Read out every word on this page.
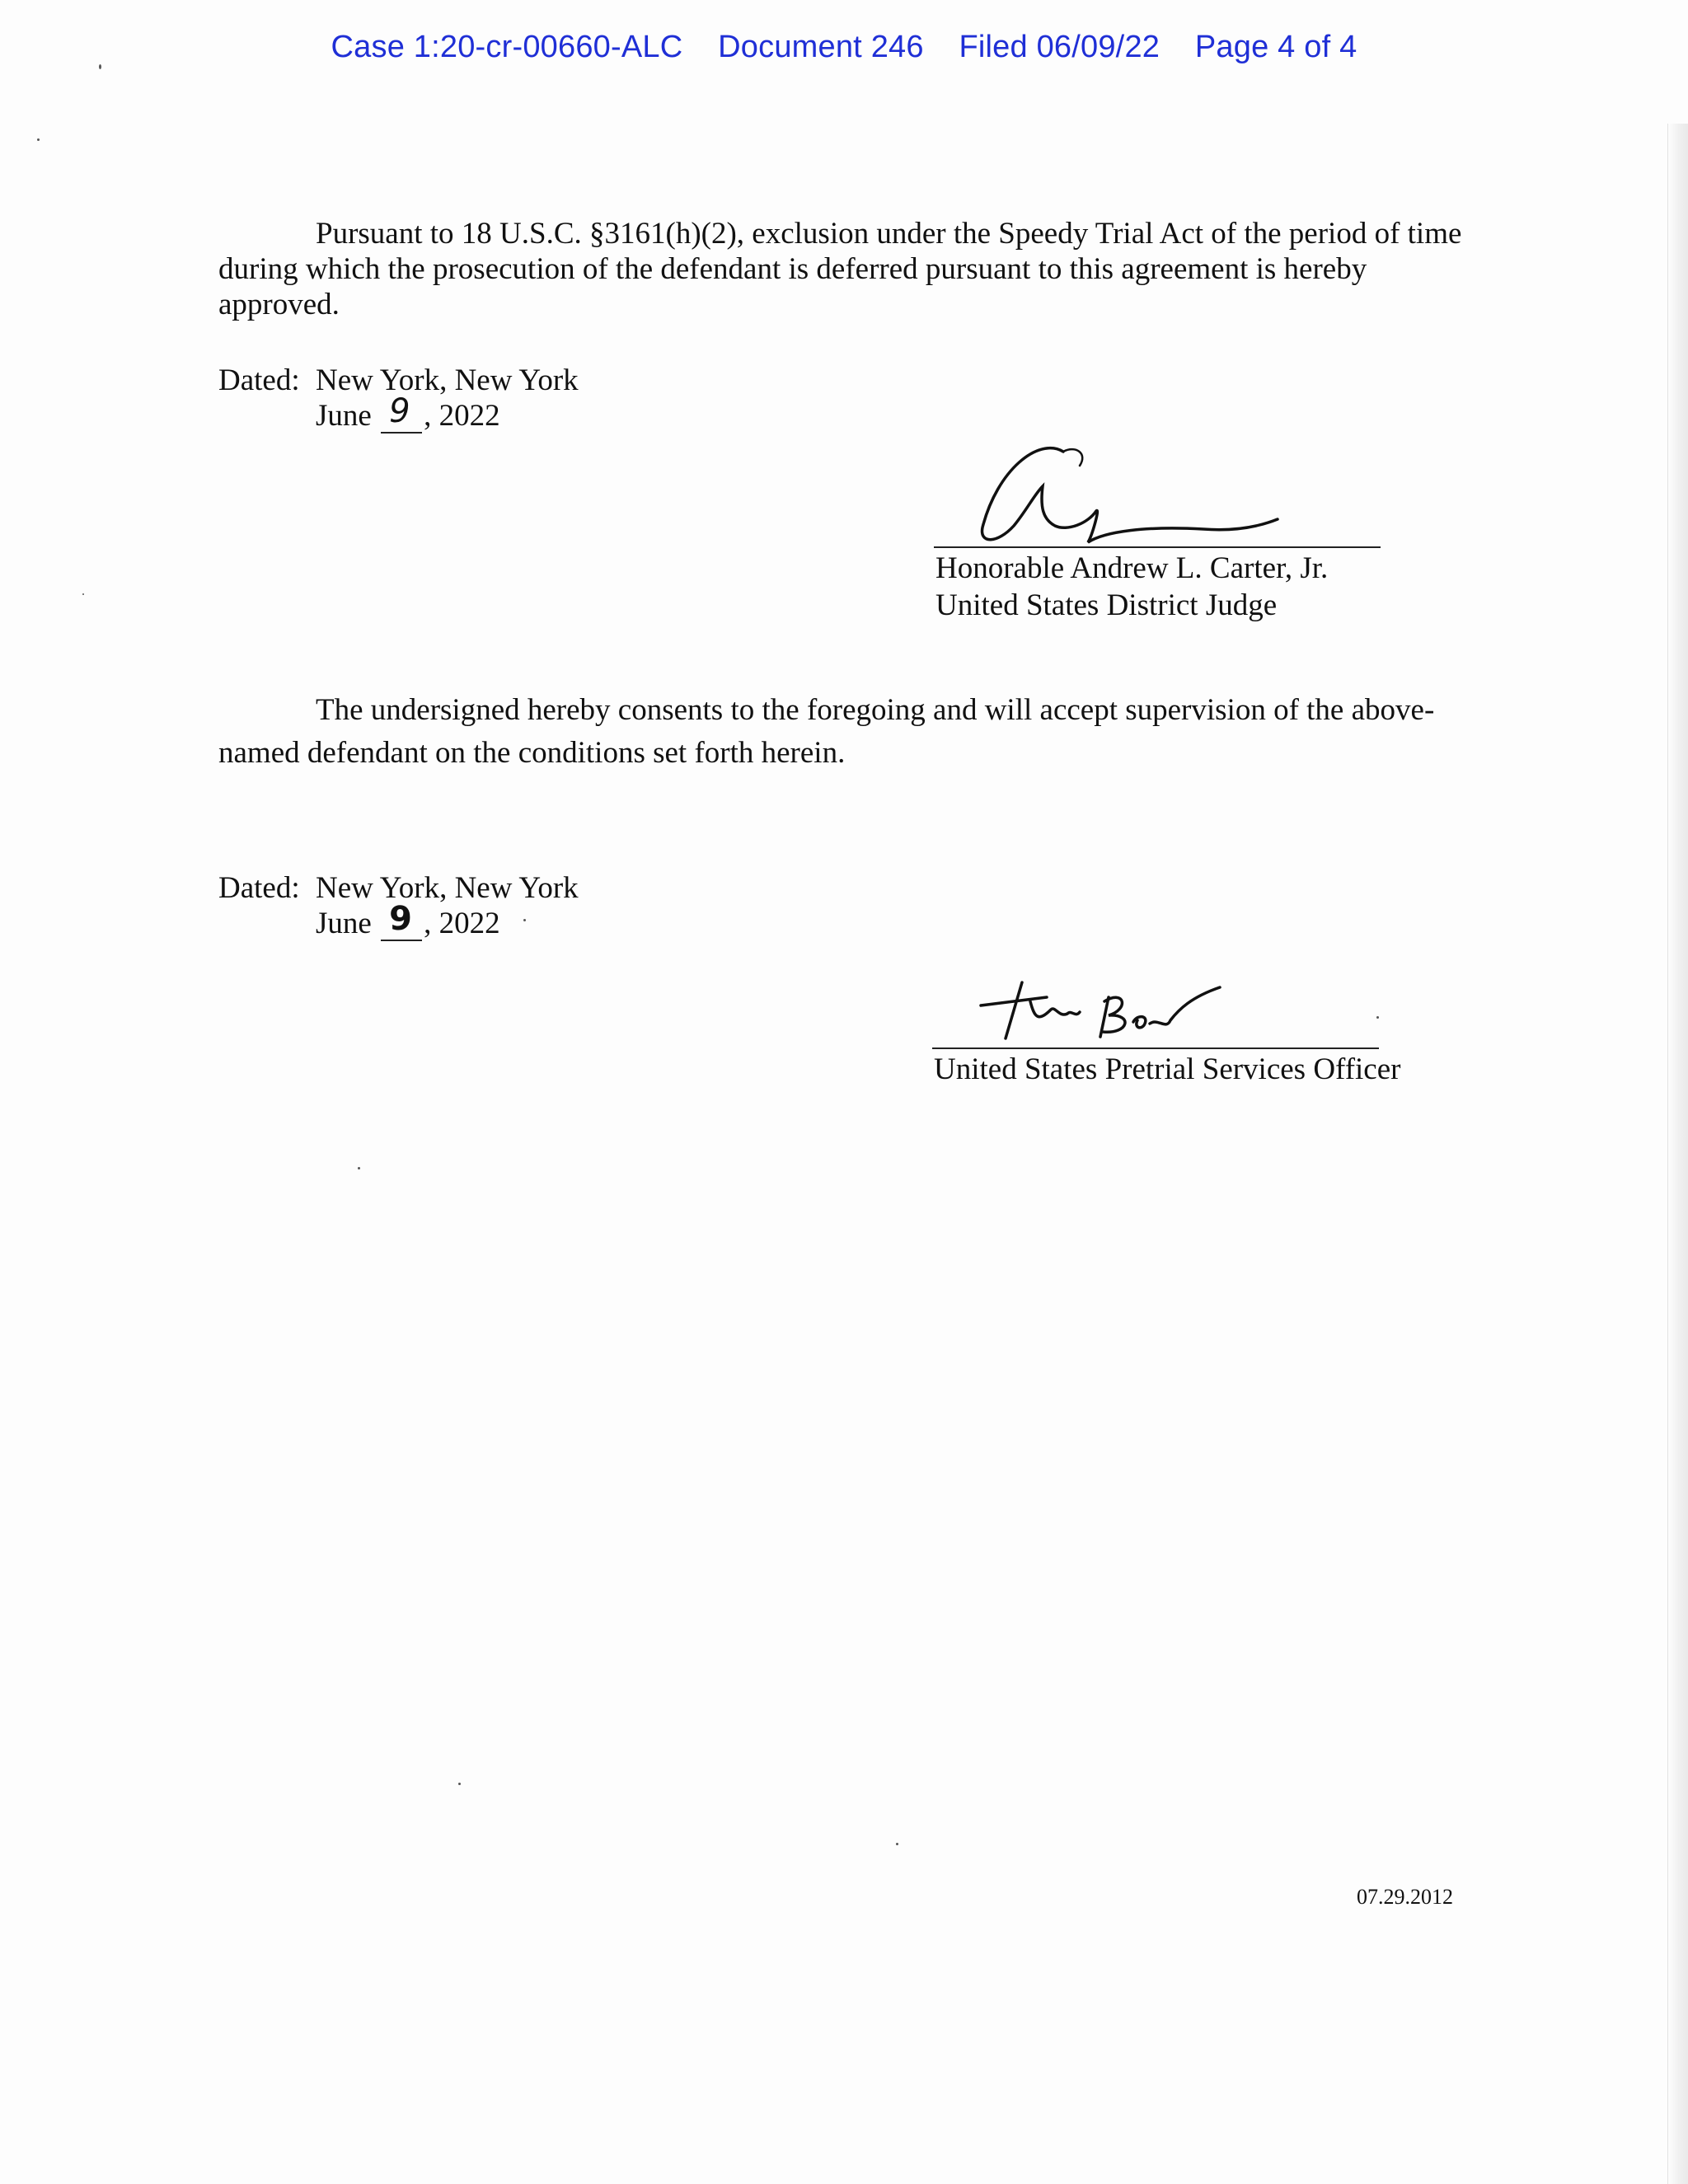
Case 1:20-cr-00660-ALC Document 246 Filed 06/09/22 Page 4 of 4
Pursuant to 18 U.S.C. §3161(h)(2), exclusion under the Speedy Trial Act of the period of time during which the prosecution of the defendant is deferred pursuant to this agreement is hereby approved.
Dated: New York, New York
June 9 , 2022
Honorable Andrew L. Carter, Jr.
United States District Judge
The undersigned hereby consents to the foregoing and will accept supervision of the above-named defendant on the conditions set forth herein.
Dated: New York, New York
June 9 , 2022
United States Pretrial Services Officer
07.29.2012
